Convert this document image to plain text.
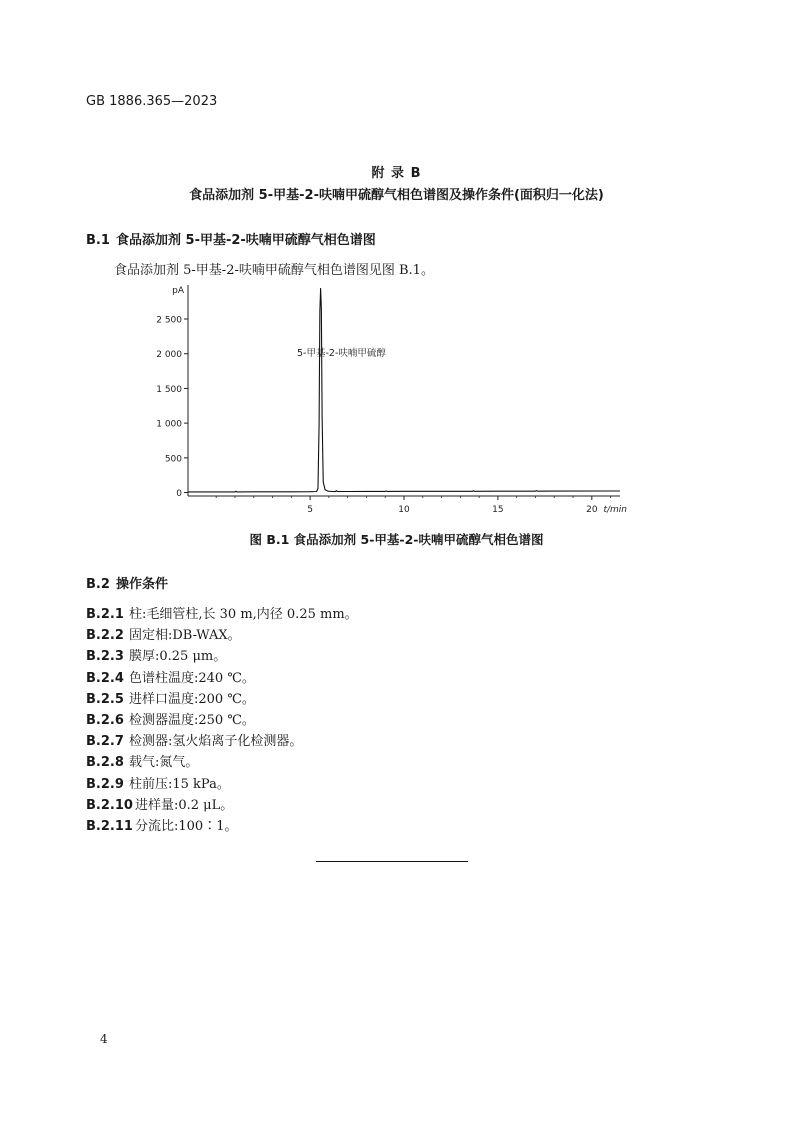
GB 1886.365—2023
附 录 B
食品添加剂 5-甲基-2-呋喃甲硫醇气相色谱图及操作条件(面积归一化法)
B.1 食品添加剂 5-甲基-2-呋喃甲硫醇气相色谱图
食品添加剂 5-甲基-2-呋喃甲硫醇气相色谱图见图 B.1。
0
500
1 000
1 500
2 000
2 500
5	10	15	20
pA
t/min
5-甲基-2-呋喃甲硫醇
图 B.1 食品添加剂 5-甲基-2-呋喃甲硫醇气相色谱图
B.2 操作条件
B.2.1 柱:毛细管柱,长 30 m,内径 0.25 mm。
B.2.2 固定相:DB-WAX。
B.2.3 膜厚:0.25 μm。
B.2.4 色谱柱温度:240 ℃。
B.2.5 进样口温度:200 ℃。
B.2.6 检测器温度:250 ℃。
B.2.7 检测器:氢火焰离子化检测器。
B.2.8 载气:氮气。
B.2.9 柱前压:15 kPa。
B.2.10 进样量:0.2 μL。
B.2.11 分流比:100∶1。
4
